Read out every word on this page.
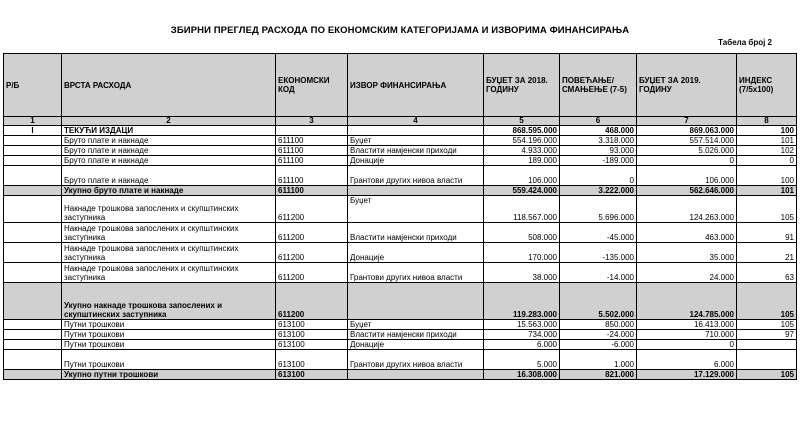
ЗБИРНИ ПРЕГЛЕД РАСХОДА ПО ЕКОНОМСКИМ КАТЕГОРИЈАМА И ИЗВОРИМА ФИНАНСИРАЊА
Табела број 2
Р/Б	ВРСТА РАСХОДА	ЕКОНОМСКИ КОД	ИЗВОР ФИНАНСИРАЊА	БУЏЕТ ЗА 2018. ГОДИНУ	ПОВЕЋАЊЕ/ СМАЊЕЊЕ (7-5)	БУЏЕТ ЗА 2019. ГОДИНУ	ИНДЕКС (7/5x100)
1	2	3	4	5	6	7	8
I	ТЕКУЋИ ИЗДАЦИ			868.595.000	468.000	869.063.000	100
	Бруто плате и накнаде	611100	Буџет	554.196.000	3.318.000	557.514.000	101
	Бруто плате и накнаде	611100	Властити намјенски приходи	4.933.000	93.000	5.026.000	102
	Бруто плате и накнаде	611100	Донације	189.000	-189.000	0	0
	Бруто плате и накнаде	611100	Грантови других нивоа власти	106.000	0	106.000	100
	Укупно бруто плате и накнаде	611100		559.424.000	3.222.000	562.646.000	101
	Накнаде трошкова запослених и скупштинских заступника	611200	Буџет	118.567.000	5.696.000	124.263.000	105
	Накнаде трошкова запослених и скупштинских заступника	611200	Властити намјенски приходи	508.000	-45.000	463.000	91
	Накнаде трошкова запослених и скупштинских заступника	611200	Донације	170.000	-135.000	35.000	21
	Накнаде трошкова запослених и скупштинских заступника	611200	Грантови других нивоа власти	38.000	-14.000	24.000	63
	Укупно накнаде трошкова запослених и скупштинских заступника	611200		119.283.000	5.502.000	124.785.000	105
	Путни трошкови	613100	Буџет	15.563.000	850.000	16.413.000	105
	Путни трошкови	613100	Властити намјенски приходи	734.000	-24.000	710.000	97
	Путни трошкови	613100	Донације	6.000	-6.000	0	
	Путни трошкови	613100	Грантови других нивоа власти	5.000	1.000	6.000	
	Укупно путни трошкови	613100		16.308.000	821.000	17.129.000	105
